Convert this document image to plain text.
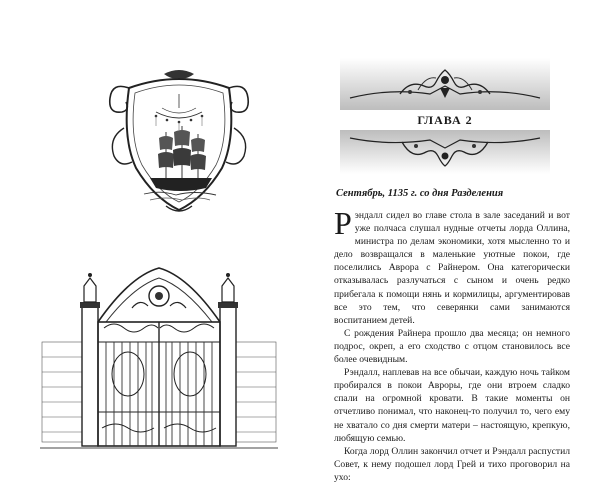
ГЛАВА 2
Сентябрь, 1135 г. со дня Разделения

Рэндалл сидел во главе стола в зале заседаний и вот уже полчаса слушал нудные отчеты лорда Оллина, министра по делам экономики, хотя мысленно то и дело возвращался в маленькие уютные покои, где поселились Аврора с Райнером. Она категорически отказывалась разлучаться с сыном и очень редко прибегала к помощи нянь и кормилицы, аргументировав все это тем, что северянки сами занимаются воспитанием детей.

С рождения Райнера прошло два месяца; он немного подрос, окреп, а его сходство с отцом становилось все более очевидным.

Рэндалл, наплевав на все обычаи, каждую ночь тайком пробирался в покои Авроры, где они втроем сладко спали на огромной кровати. В такие моменты он отчетливо понимал, что наконец-то получил то, чего ему не хватало со дня смерти матери – настоящую, крепкую, любящую семью.

Когда лорд Оллин закончил отчет и Рэндалл распустил Совет, к нему подошел лорд Грей и тихо проговорил на ухо:
